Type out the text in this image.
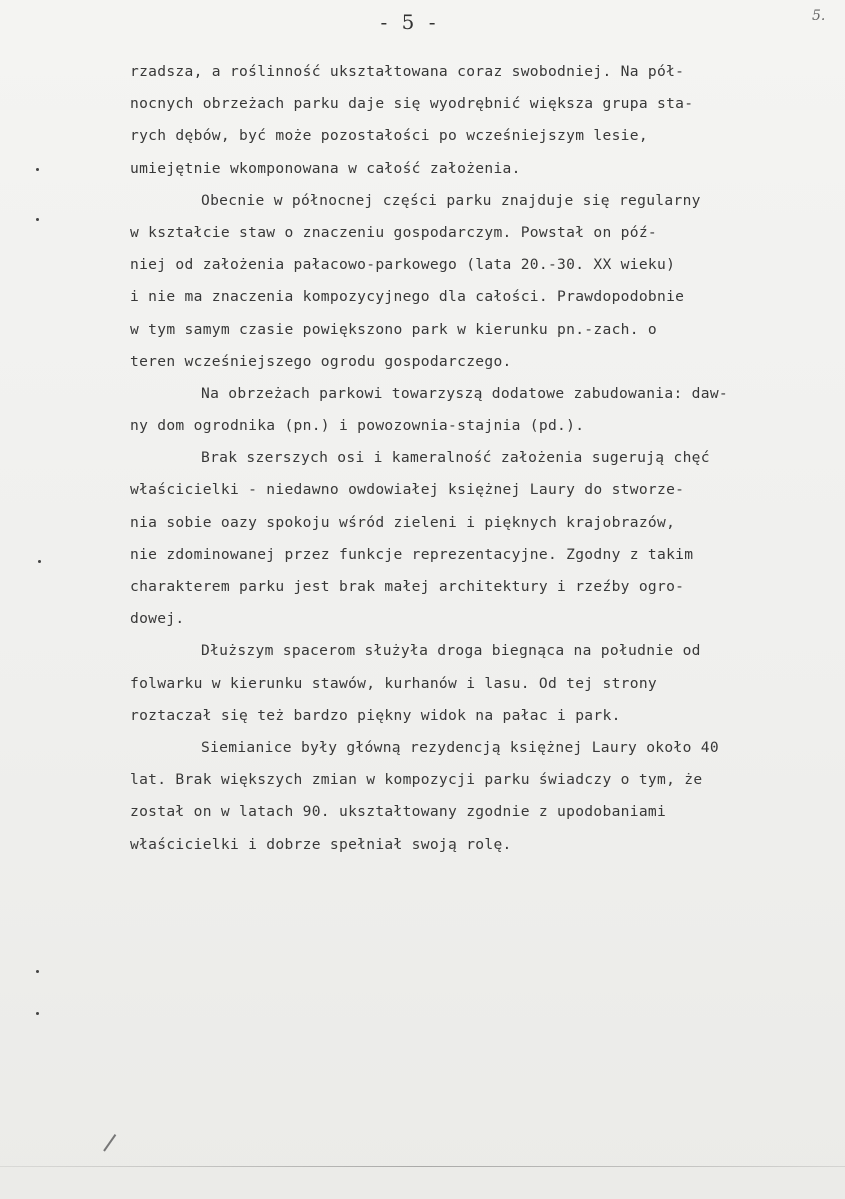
- 5 -	5.
rzadsza, a roślinność ukształtowana coraz swobodniej. Na pół-
nocnych obrzeżach parku daje się wyodrębnić większa grupa sta-
rych dębów, być może pozostałości po wcześniejszym lesie,
umiejętnie wkomponowana w całość założenia.
Obecnie w północnej części parku znajduje się regularny
w kształcie staw o znaczeniu gospodarczym. Powstał on póź-
niej od założenia pałacowo-parkowego (lata 20.-30. XX wieku)
i nie ma znaczenia kompozycyjnego dla całości. Prawdopodobnie
w tym samym czasie powiększono park w kierunku pn.-zach. o
teren wcześniejszego ogrodu gospodarczego.
Na obrzeżach parkowi towarzyszą dodatowe zabudowania: daw-
ny dom ogrodnika (pn.) i powozownia-stajnia (pd.).
Brak szerszych osi i kameralność założenia sugerują chęć
właścicielki - niedawno owdowiałej księżnej Laury do stworze-
nia sobie oazy spokoju wśród zieleni i pięknych krajobrazów,
nie zdominowanej przez funkcje reprezentacyjne. Zgodny z takim
charakterem parku jest brak małej architektury i rzeźby ogro-
dowej.
Dłuższym spacerom służyła droga biegnąca na południe od
folwarku w kierunku stawów, kurhanów i lasu. Od tej strony
roztaczał się też bardzo piękny widok na pałac i park.
Siemianice były główną rezydencją księżnej Laury około 40
lat. Brak większych zmian w kompozycji parku świadczy o tym, że
został on w latach 90. ukształtowany zgodnie z upodobaniami
właścicielki i dobrze spełniał swoją rolę.
